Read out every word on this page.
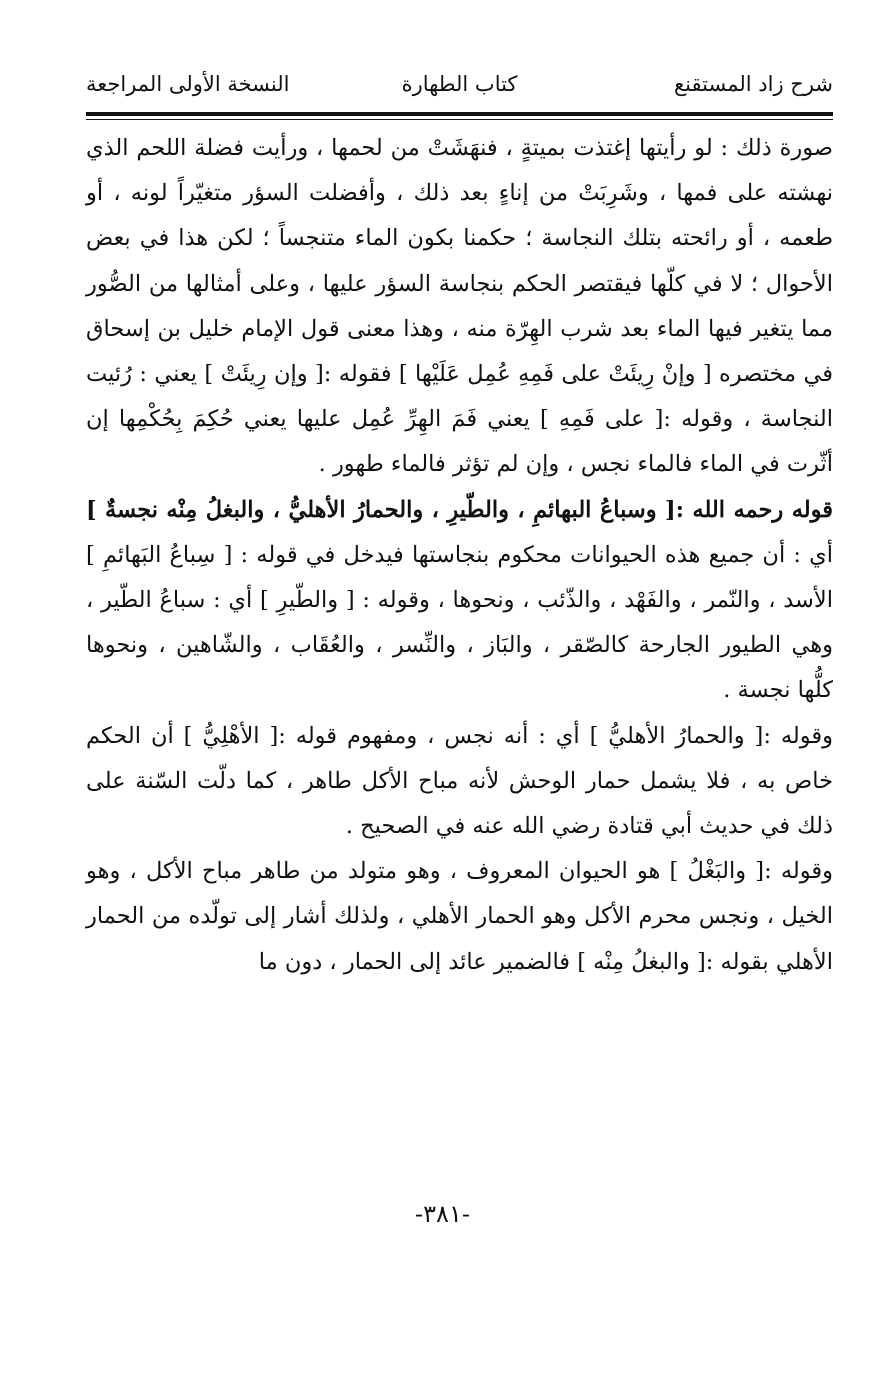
شرح زاد المستقنع
كتاب الطهارة
النسخة الأولى المراجعة

صورة ذلك : لو رأيتها إغتذت بميتةٍ ، فنهَشَتْ من لحمها ، ورأيت فضلة اللحم الذي نهشته على فمها ، وشَرِبَتْ من إناءٍ بعد ذلك ، وأفضلت السؤر متغيّراً لونه ، أو طعمه ، أو رائحته بتلك النجاسة ؛ حكمنا بكون الماء متنجساً ؛ لكن هذا في بعض الأحوال ؛ لا في كلّها فيقتصر الحكم بنجاسة السؤر عليها ، وعلى أمثالها من الصُّور مما يتغير فيها الماء بعد شرب الهِرّة منه ، وهذا معنى قول الإمام خليل بن إسحاق في مختصره [ وإنْ رِيئَتْ على فَمِهِ عُمِل عَلَيْها ] فقوله :[ وإن رِيئَتْ ] يعني : رُئيت النجاسة ، وقوله :[ على فَمِهِ ] يعني فَمَ الهِرِّ عُمِل عليها يعني حُكِمَ بِحُكْمِها إن أثّرت في الماء فالماء نجس ، وإن لم تؤثر فالماء طهور .

قوله رحمه الله :[ وسباعُ البهائمِ ، والطّيرِ ، والحمارُ الأهليُّ ، والبغلُ مِنْه نجسةٌ ] أي : أن جميع هذه الحيوانات محكوم بنجاستها فيدخل في قوله : [ سِباعُ البَهائمِ ] الأسد ، والنّمر ، والفَهْد ، والذّئب ، ونحوها ، وقوله : [ والطّيرِ ] أي : سباعُ الطّير ، وهي الطيور الجارحة كالصّقر ، والبَاز ، والنِّسر ، والعُقَاب ، والشّاهين ، ونحوها كلُّها نجسة .

وقوله :[ والحمارُ الأهليُّ ] أي : أنه نجس ، ومفهوم قوله :[ الأهْلِيُّ ] أن الحكم خاص به ، فلا يشمل حمار الوحش لأنه مباح الأكل طاهر ، كما دلّت السّنة على ذلك في حديث أبي قتادة رضي الله عنه في الصحيح .

وقوله :[ والبَغْلُ ] هو الحيوان المعروف ، وهو متولد من طاهر مباح الأكل ، وهو الخيل ، ونجس محرم الأكل وهو الحمار الأهلي ، ولذلك أشار إلى تولّده من الحمار الأهلي بقوله :[ والبغلُ مِنْه ] فالضمير عائد إلى الحمار ، دون ما

-٣٨١-
